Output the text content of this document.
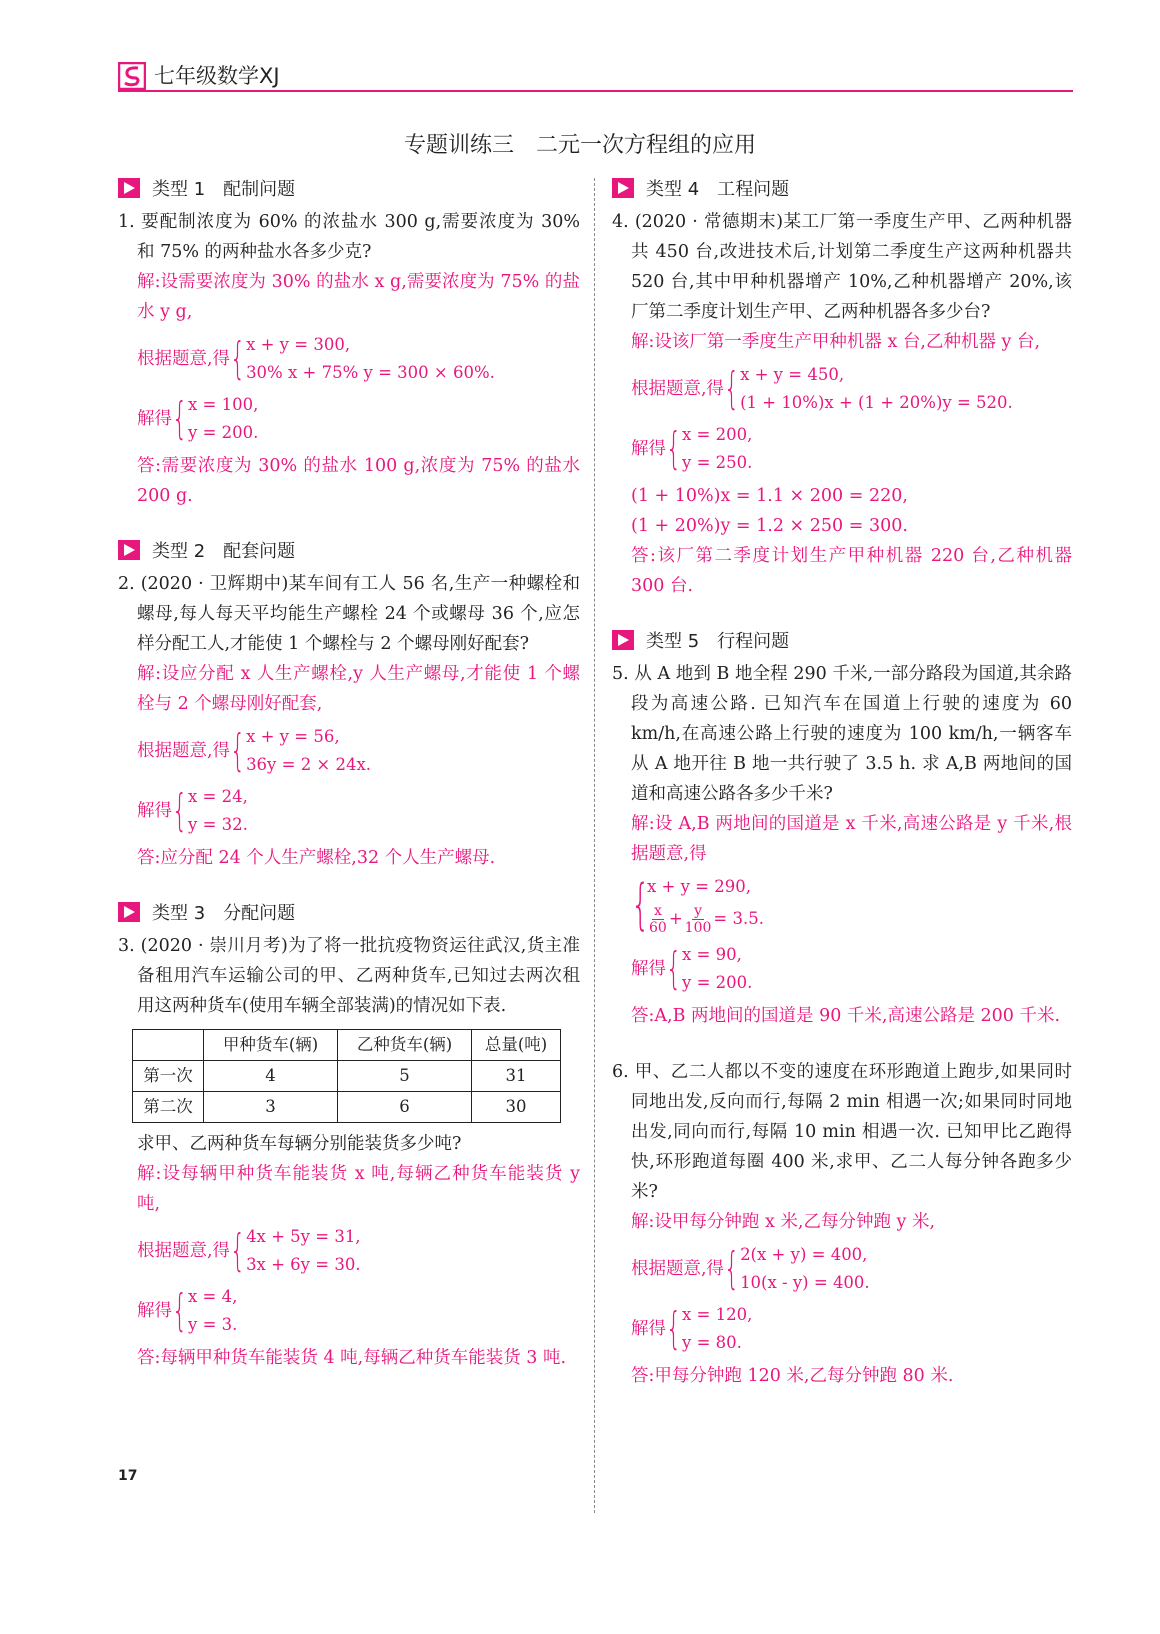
七年级数学XJ
专题训练三　二元一次方程组的应用
类型 1　配制问题
1. 要配制浓度为 60% 的浓盐水 300 g,需要浓度为 30% 和 75% 的两种盐水各多少克?
解:设需要浓度为 30% 的盐水 x g,需要浓度为 75% 的盐水 y g,
根据题意,得 { x + y = 300,
30% x + 75% y = 300 × 60%.
解得 { x = 100,
y = 200.
答:需要浓度为 30% 的盐水 100 g,浓度为 75% 的盐水 200 g.
类型 2　配套问题
2. (2020 · 卫辉期中)某车间有工人 56 名,生产一种螺栓和螺母,每人每天平均能生产螺栓 24 个或螺母 36 个,应怎样分配工人,才能使 1 个螺栓与 2 个螺母刚好配套?
解:设应分配 x 人生产螺栓,y 人生产螺母,才能使 1 个螺栓与 2 个螺母刚好配套,
根据题意,得 { x + y = 56,
36y = 2 × 24x.
解得 { x = 24,
y = 32.
答:应分配 24 个人生产螺栓,32 个人生产螺母.
类型 3　分配问题
3. (2020 · 崇川月考)为了将一批抗疫物资运往武汉,货主准备租用汽车运输公司的甲、乙两种货车,已知过去两次租用这两种货车(使用车辆全部装满)的情况如下表.
	甲种货车(辆)	乙种货车(辆)	总量(吨)
第一次	4	5	31
第二次	3	6	30
求甲、乙两种货车每辆分别能装货多少吨?
解:设每辆甲种货车能装货 x 吨,每辆乙种货车能装货 y 吨,
根据题意,得 { 4x + 5y = 31,
3x + 6y = 30.
解得 { x = 4,
y = 3.
答:每辆甲种货车能装货 4 吨,每辆乙种货车能装货 3 吨.
类型 4　工程问题
4. (2020 · 常德期末)某工厂第一季度生产甲、乙两种机器共 450 台,改进技术后,计划第二季度生产这两种机器共 520 台,其中甲种机器增产 10%,乙种机器增产 20%,该厂第二季度计划生产甲、乙两种机器各多少台?
解:设该厂第一季度生产甲种机器 x 台,乙种机器 y 台,
根据题意,得 { x + y = 450,
(1 + 10%)x + (1 + 20%)y = 520.
解得 { x = 200,
y = 250.
(1 + 10%)x = 1.1 × 200 = 220,
(1 + 20%)y = 1.2 × 250 = 300.
答:该厂第二季度计划生产甲种机器 220 台,乙种机器 300 台.
类型 5　行程问题
5. 从 A 地到 B 地全程 290 千米,一部分路段为国道,其余路段为高速公路. 已知汽车在国道上行驶的速度为 60 km/h,在高速公路上行驶的速度为 100 km/h,一辆客车从 A 地开往 B 地一共行驶了 3.5 h. 求 A,B 两地间的国道和高速公路各多少千米?
解:设 A,B 两地间的国道是 x 千米,高速公路是 y 千米,根据题意,得
{
x + y = 290,
$\frac{x}{60} + \frac{y}{100} = 3.5$.
解得 { x = 90,
y = 200.
答:A,B 两地间的国道是 90 千米,高速公路是 200 千米.
6. 甲、乙二人都以不变的速度在环形跑道上跑步,如果同时同地出发,反向而行,每隔 2 min 相遇一次;如果同时同地出发,同向而行,每隔 10 min 相遇一次. 已知甲比乙跑得快,环形跑道每圈 400 米,求甲、乙二人每分钟各跑多少米?
解:设甲每分钟跑 x 米,乙每分钟跑 y 米,
根据题意,得 { 2(x + y) = 400,
10(x - y) = 400.
解得 { x = 120,
y = 80.
答:甲每分钟跑 120 米,乙每分钟跑 80 米.
17
